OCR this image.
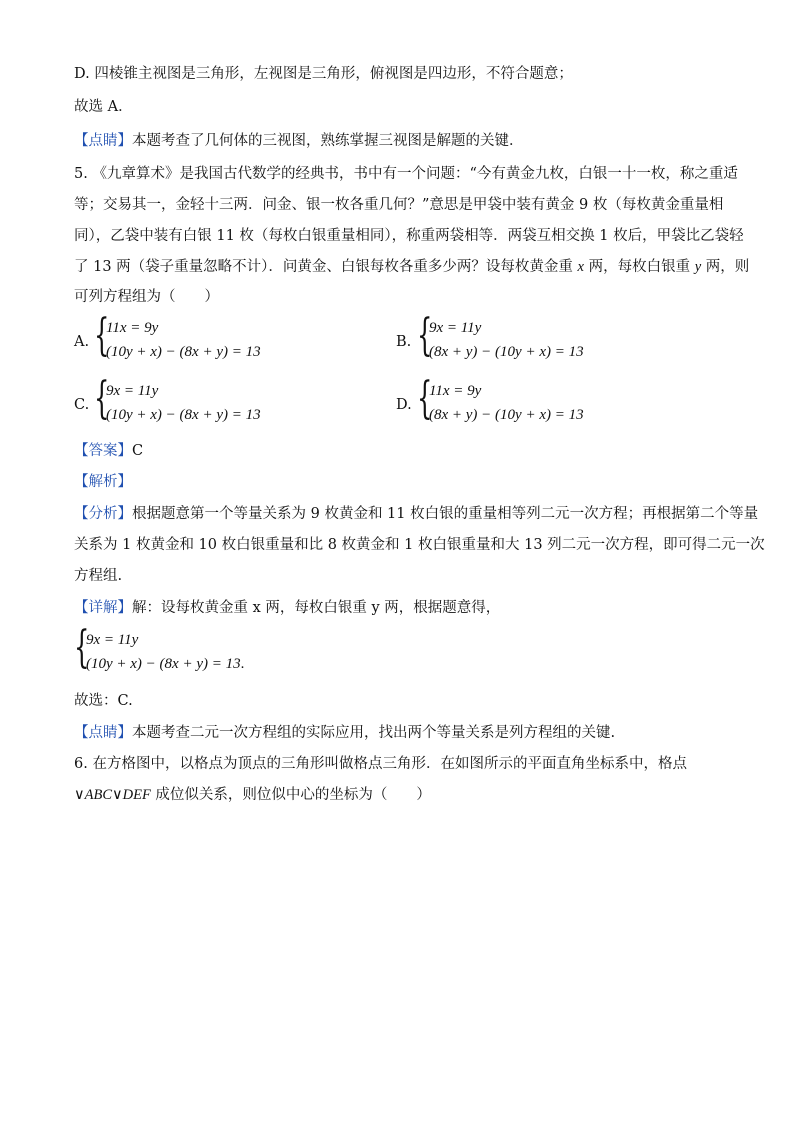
D. 四棱锥主视图是三角形，左视图是三角形，俯视图是四边形，不符合题意；
故选 A．
【点睛】本题考查了几何体的三视图，熟练掌握三视图是解题的关键．
5. 《九章算术》是我国古代数学的经典书，书中有一个问题：“今有黄金九枚，白银一十一枚，称之重适
等；交易其一，金轻十三两．问金、银一枚各重几何？”意思是甲袋中装有黄金 9 枚（每枚黄金重量相
同），乙袋中装有白银 11 枚（每枚白银重量相同），称重两袋相等．两袋互相交换 1 枚后，甲袋比乙袋轻
了 13 两（袋子重量忽略不计）．问黄金、白银每枚各重多少两？设每枚黄金重 x 两，每枚白银重 y 两，则
可列方程组为（　　）
A. {
11x = 9y
(10y + x) − (8x + y) = 13
B. {
9x = 11y
(8x + y) − (10y + x) = 13
C. {
9x = 11y
(10y + x) − (8x + y) = 13
D. {
11x = 9y
(8x + y) − (10y + x) = 13
【答案】C
【解析】
【分析】根据题意第一个等量关系为 9 枚黄金和 11 枚白银的重量相等列二元一次方程；再根据第二个等量
关系为 1 枚黄金和 10 枚白银重量和比 8 枚黄金和 1 枚白银重量和大 13 列二元一次方程，即可得二元一次
方程组.
【详解】解：设每枚黄金重 x 两，每枚白银重 y 两，根据题意得，
{
9x = 11y
(10y + x) − (8x + y) = 13.
故选：C.
【点睛】本题考查二元一次方程组的实际应用，找出两个等量关系是列方程组的关键.
6. 在方格图中，以格点为顶点的三角形叫做格点三角形．在如图所示的平面直角坐标系中，格点
∨ABC∨DEF 成位似关系，则位似中心的坐标为（　　）
